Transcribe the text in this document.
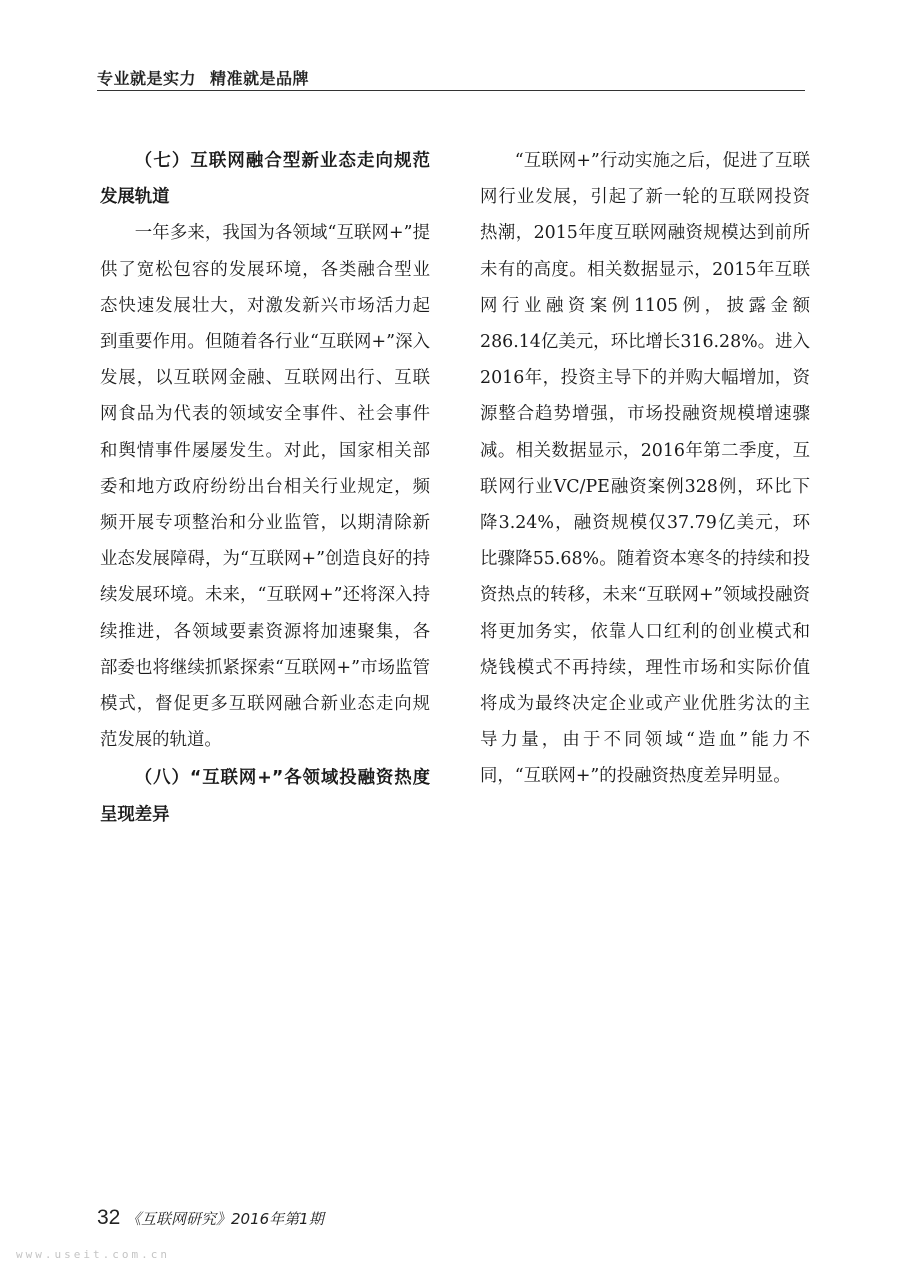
专业就是实力 精准就是品牌
（七）互联网融合型新业态走向规范发展轨道

一年多来，我国为各领域“互联网+”提供了宽松包容的发展环境，各类融合型业态快速发展壮大，对激发新兴市场活力起到重要作用。但随着各行业“互联网+”深入发展，以互联网金融、互联网出行、互联网食品为代表的领域安全事件、社会事件和舆情事件屡屡发生。对此，国家相关部委和地方政府纷纷出台相关行业规定，频频开展专项整治和分业监管，以期清除新业态发展障碍，为“互联网+”创造良好的持续发展环境。未来，“互联网+”还将深入持续推进，各领域要素资源将加速聚集，各部委也将继续抓紧探索“互联网+”市场监管模式，督促更多互联网融合新业态走向规范发展的轨道。

（八）“互联网+”各领域投融资热度呈现差异

“互联网+”行动实施之后，促进了互联网行业发展，引起了新一轮的互联网投资热潮，2015年度互联网融资规模达到前所未有的高度。相关数据显示，2015年互联网行业融资案例1105例，披露金额286.14亿美元，环比增长316.28%。进入2016年，投资主导下的并购大幅增加，资源整合趋势增强，市场投融资规模增速骤减。相关数据显示，2016年第二季度，互联网行业VC/PE融资案例328例，环比下降3.24%，融资规模仅37.79亿美元，环比骤降55.68%。随着资本寒冬的持续和投资热点的转移，未来“互联网+”领域投融资将更加务实，依靠人口红利的创业模式和烧钱模式不再持续，理性市场和实际价值将成为最终决定企业或产业优胜劣汰的主导力量，由于不同领域“造血”能力不同，“互联网+”的投融资热度差异明显。

32 《互联网研究》2016年第1期
www.useit.com.cn
